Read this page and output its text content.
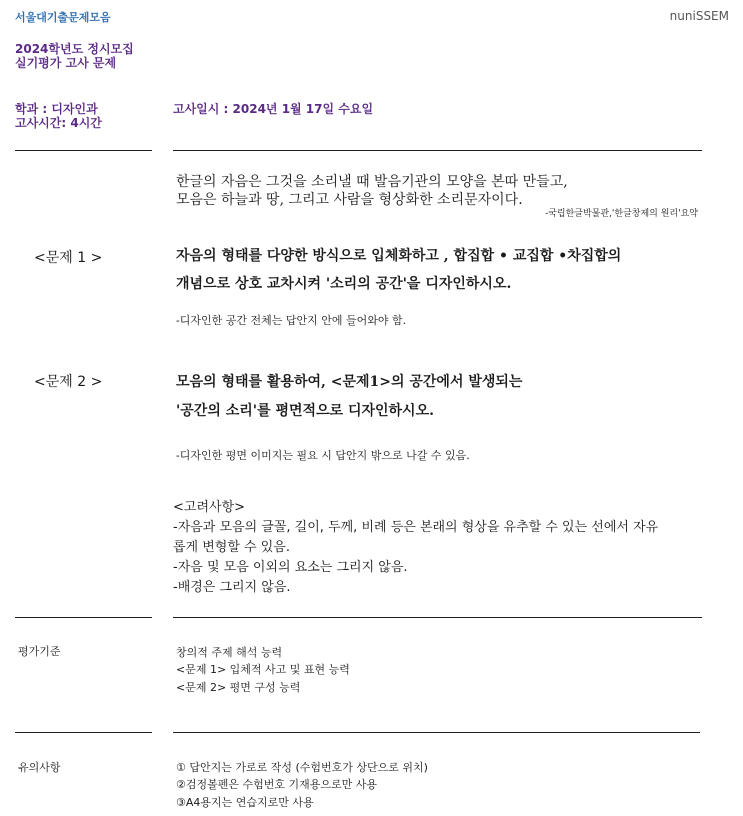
서울대기출문제모음	nuniSSEM
2024학년도 정시모집
실기평가 고사 문제
학과 : 디자인과
고사시간: 4시간
고사일시 : 2024년 1월 17일 수요일
한글의 자음은 그것을 소리낼 때 발음기관의 모양을 본따 만들고,
모음은 하늘과 땅, 그리고 사람을 형상화한 소리문자이다.
-국립한글박물관,'한글창제의 원리'요약
<문제 1 >	자음의 형태를 다양한 방식으로 입체화하고 , 합집합 • 교집합 •차집합의
개념으로 상호 교차시켜 '소리의 공간'을 디자인하시오.
-디자인한 공간 전체는 답안지 안에 들어와야 함.
<문제 2 >	모음의 형태를 활용하여, <문제1>의 공간에서 발생되는
'공간의 소리'를 평면적으로 디자인하시오.
-디자인한 평면 이미지는 필요 시 답안지 밖으로 나갈 수 있음.
<고려사항>
-자음과 모음의 글꼴, 길이, 두께, 비례 등은 본래의 형상을 유추할 수 있는 선에서 자유
롭게 변형할 수 있음.
-자음 및 모음 이외의 요소는 그리지 않음.
-배경은 그리지 않음.
평가기준	창의적 주제 해석 능력
<문제 1> 입체적 사고 및 표현 능력
<문제 2> 평면 구성 능력
유의사항	① 답안지는 가로로 작성 (수험번호가 상단으로 위치)
②검정볼펜은 수험번호 기재용으로만 사용
③A4용지는 연습지로만 사용
